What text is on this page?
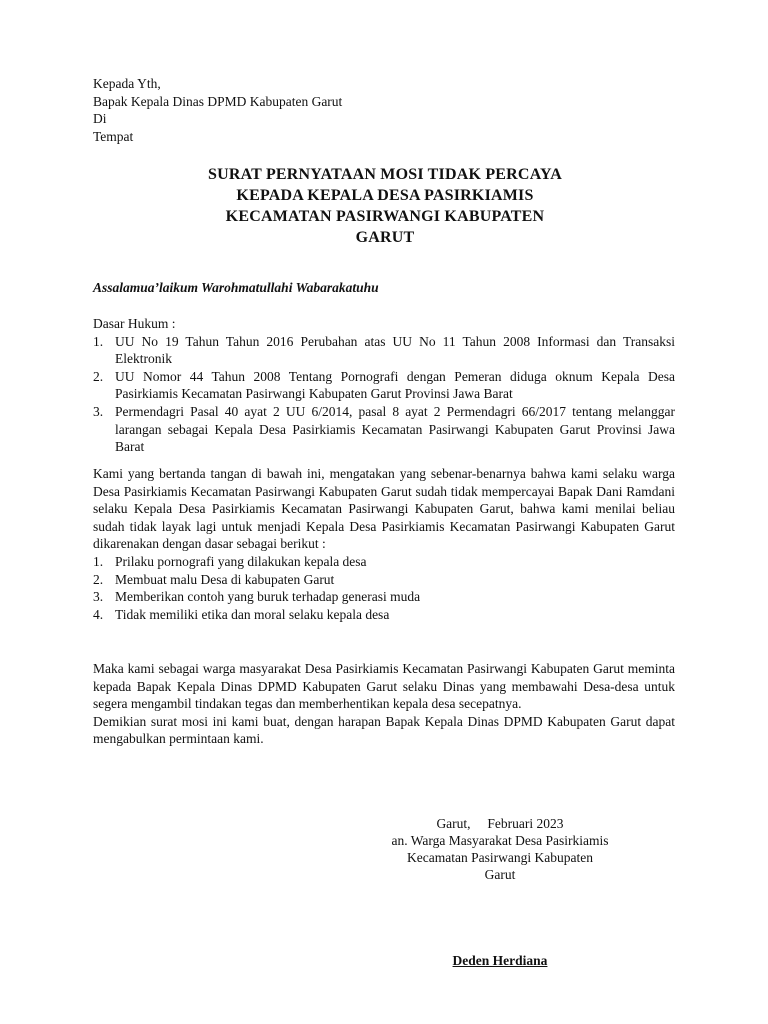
Kepada Yth,
Bapak Kepala Dinas DPMD Kabupaten Garut
Di
Tempat
SURAT PERNYATAAN MOSI TIDAK PERCAYA
KEPADA KEPALA DESA PASIRKIAMIS
KECAMATAN PASIRWANGI KABUPATEN
GARUT
Assalamua’laikum Warohmatullahi Wabarakatuhu
Dasar Hukum :
1. UU No 19 Tahun Tahun 2016 Perubahan atas UU No 11 Tahun 2008 Informasi dan Transaksi Elektronik
2. UU Nomor 44 Tahun 2008 Tentang Pornografi dengan Pemeran diduga oknum Kepala Desa Pasirkiamis Kecamatan Pasirwangi Kabupaten Garut Provinsi Jawa Barat
3. Permendagri Pasal 40 ayat 2 UU 6/2014, pasal 8 ayat 2 Permendagri 66/2017 tentang melanggar larangan sebagai Kepala Desa Pasirkiamis Kecamatan Pasirwangi Kabupaten Garut Provinsi Jawa Barat

Kami yang bertanda tangan di bawah ini, mengatakan yang sebenar-benarnya bahwa kami selaku warga Desa Pasirkiamis Kecamatan Pasirwangi Kabupaten Garut sudah tidak mempercayai Bapak Dani Ramdani selaku Kepala Desa Pasirkiamis Kecamatan Pasirwangi Kabupaten Garut, bahwa kami menilai beliau sudah tidak layak lagi untuk menjadi Kepala Desa Pasirkiamis Kecamatan Pasirwangi Kabupaten Garut dikarenakan dengan dasar sebagai berikut :

1. Prilaku pornografi yang dilakukan kepala desa
2. Membuat malu Desa di kabupaten Garut
3. Memberikan contoh yang buruk terhadap generasi muda
4. Tidak memiliki etika dan moral selaku kepala desa

Maka kami sebagai warga masyarakat Desa Pasirkiamis Kecamatan Pasirwangi Kabupaten Garut meminta kepada Bapak Kepala Dinas DPMD Kabupaten Garut selaku Dinas yang membawahi Desa-desa untuk segera mengambil tindakan tegas dan memberhentikan kepala desa secepatnya.

Demikian surat mosi ini kami buat, dengan harapan Bapak Kepala Dinas DPMD Kabupaten Garut dapat mengabulkan permintaan kami.

Garut,     Februari 2023
an. Warga Masyarakat Desa Pasirkiamis
Kecamatan Pasirwangi Kabupaten
Garut
Deden Herdiana
